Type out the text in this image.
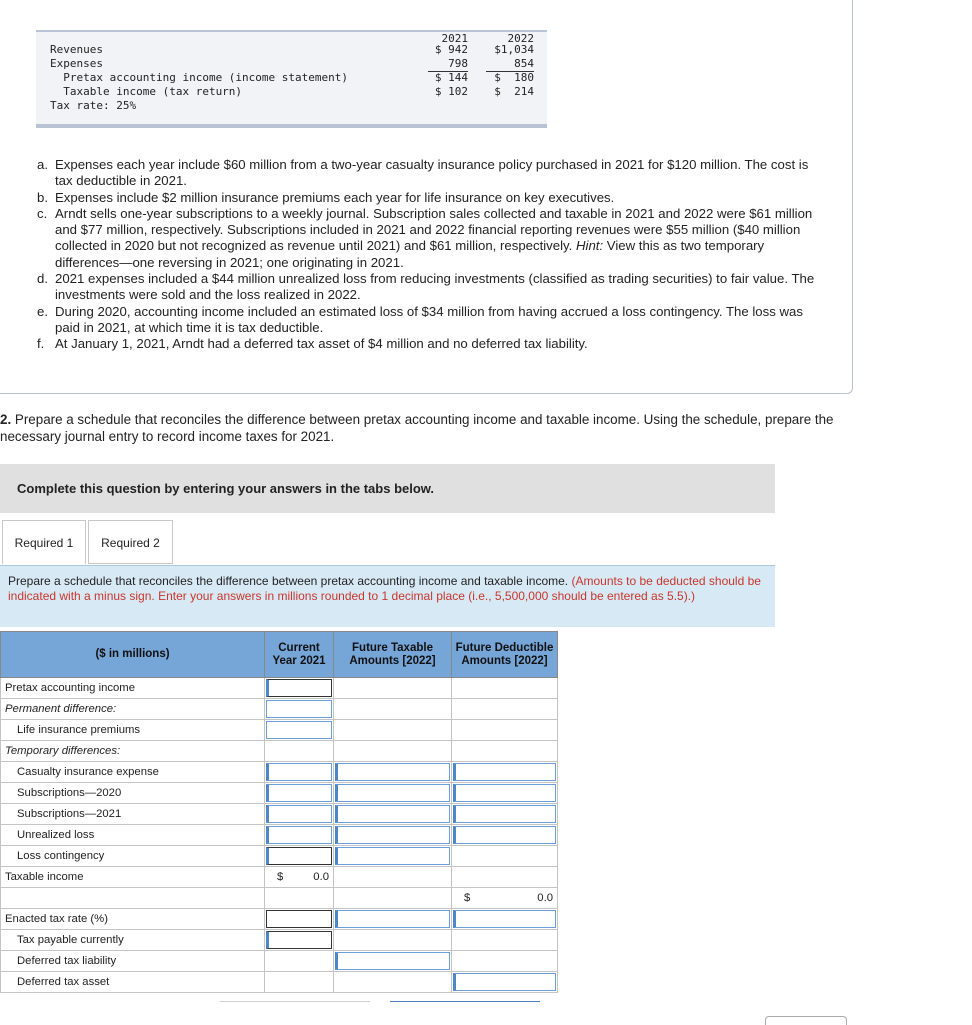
2021	2022
Revenues	$ 942	$1,034
Expenses	798	854
Pretax accounting income (income statement)	$ 144	$  180
Taxable income (tax return)	$ 102	$  214
Tax rate: 25%
a. Expenses each year include $60 million from a two-year casualty insurance policy purchased in 2021 for $120 million. The cost is tax deductible in 2021.
b. Expenses include $2 million insurance premiums each year for life insurance on key executives.
c. Arndt sells one-year subscriptions to a weekly journal. Subscription sales collected and taxable in 2021 and 2022 were $61 million and $77 million, respectively. Subscriptions included in 2021 and 2022 financial reporting revenues were $55 million ($40 million collected in 2020 but not recognized as revenue until 2021) and $61 million, respectively. Hint: View this as two temporary differences—one reversing in 2021; one originating in 2021.
d. 2021 expenses included a $44 million unrealized loss from reducing investments (classified as trading securities) to fair value. The investments were sold and the loss realized in 2022.
e. During 2020, accounting income included an estimated loss of $34 million from having accrued a loss contingency. The loss was paid in 2021, at which time it is tax deductible.
f. At January 1, 2021, Arndt had a deferred tax asset of $4 million and no deferred tax liability.
2. Prepare a schedule that reconciles the difference between pretax accounting income and taxable income. Using the schedule, prepare the necessary journal entry to record income taxes for 2021.
Complete this question by entering your answers in the tabs below.
Required 1	Required 2
Prepare a schedule that reconciles the difference between pretax accounting income and taxable income. (Amounts to be deducted should be indicated with a minus sign. Enter your answers in millions rounded to 1 decimal place (i.e., 5,500,000 should be entered as 5.5).)
($ in millions)	Current Year 2021	Future Taxable Amounts [2022]	Future Deductible Amounts [2022]
Pretax accounting income	

Permanent difference:	

Life insurance premiums	

Temporary differences:			
Casualty insurance expense	

Subscriptions—2020	

Subscriptions—2021	

Unrealized loss	

Loss contingency	

Taxable income	$ 0.0		

			$ 0.0

Enacted tax rate (%)	

Tax payable currently	

Deferred tax liability		

Deferred tax asset			
